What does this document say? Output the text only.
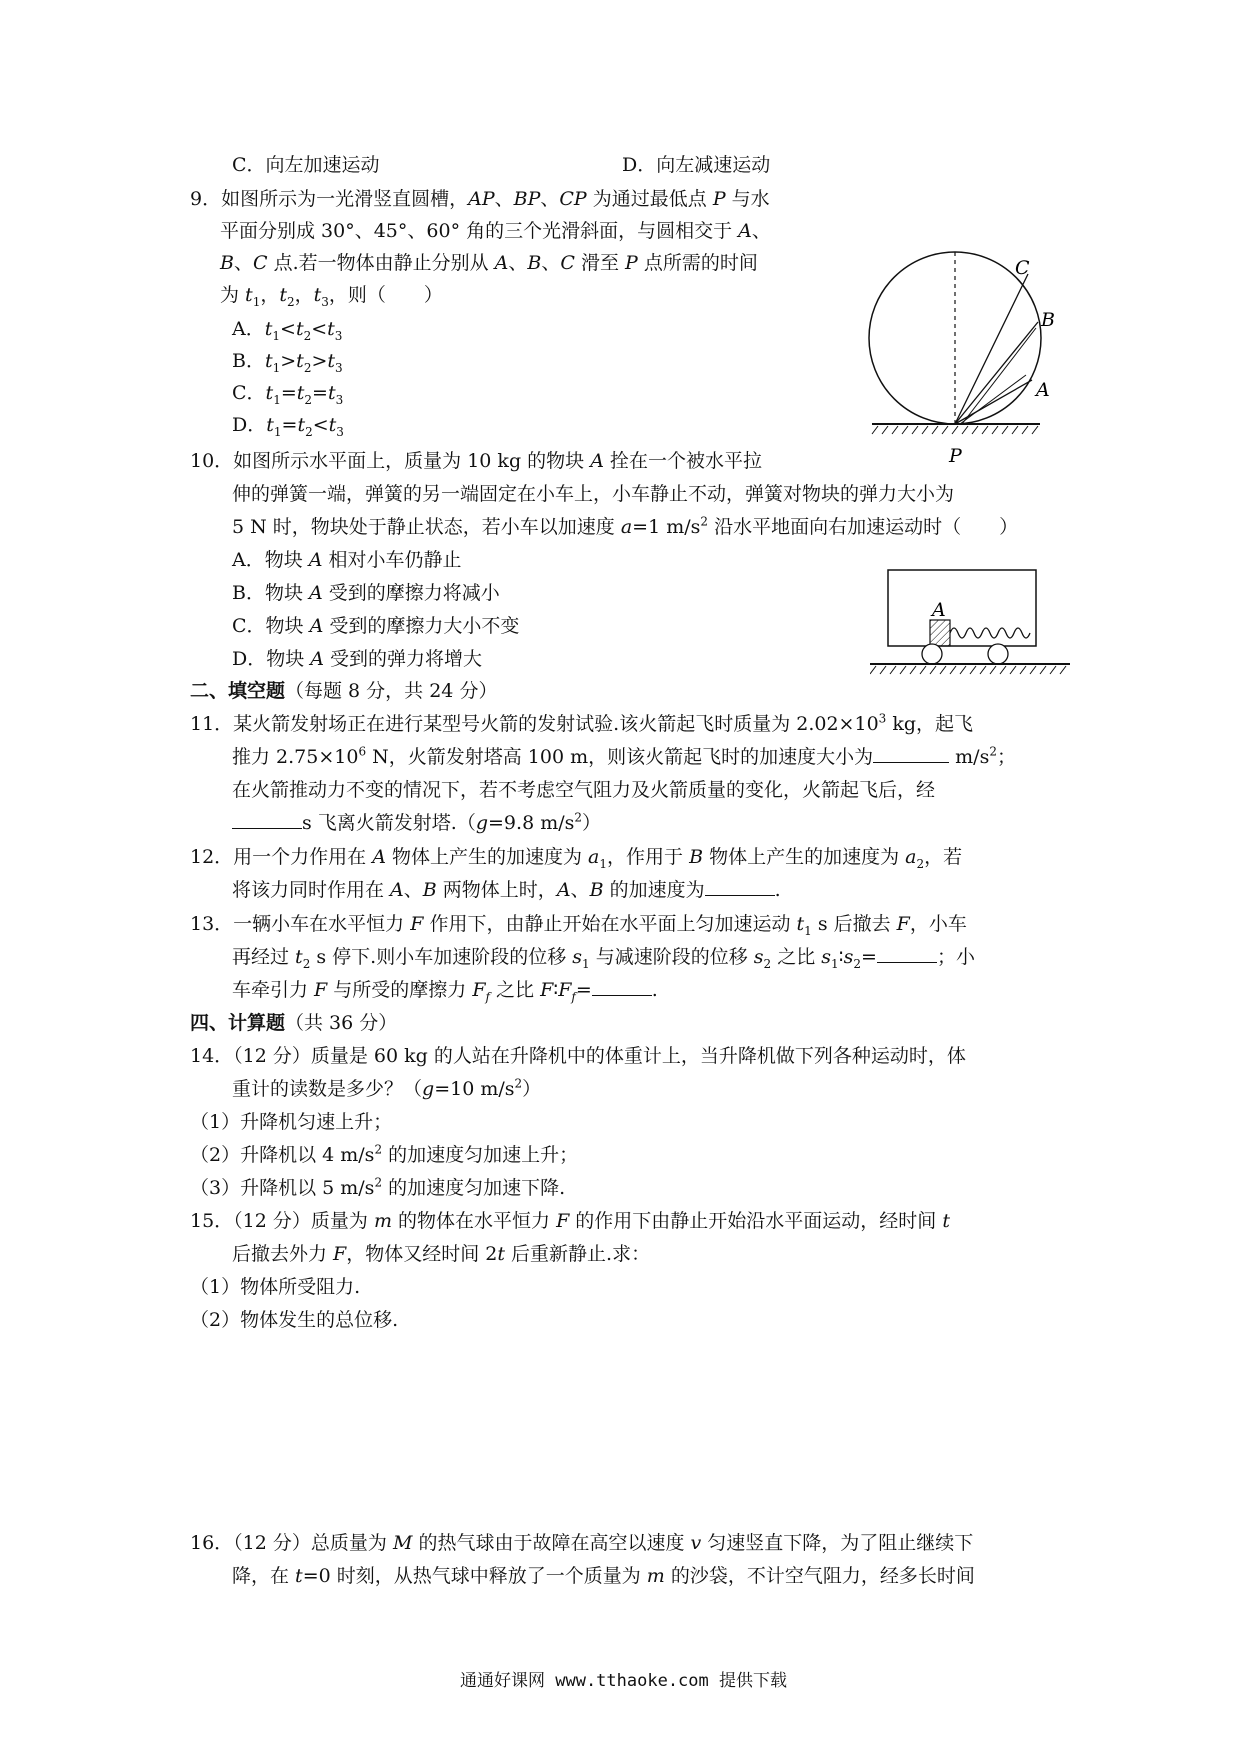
C．向左加速运动	D．向左减速运动
9．如图所示为一光滑竖直圆槽，AP、BP、CP 为通过最低点 P 与水
平面分别成 30°、45°、60° 角的三个光滑斜面，与圆相交于 A、
B、C 点.若一物体由静止分别从 A、B、C 滑至 P 点所需的时间
为 $t_1$，$t_2$，$t_3$，则（　　）
A．$t_1<t_2<t_3$
B．$t_1>t_2>t_3$
C．$t_1=t_2=t_3$
D．$t_1=t_2<t_3$
C
B
A
P
10．如图所示水平面上，质量为 10 kg 的物块 A 拴在一个被水平拉
伸的弹簧一端，弹簧的另一端固定在小车上，小车静止不动，弹簧对物块的弹力大小为
5 N 时，物块处于静止状态，若小车以加速度 a=1 $m/s^2$ 沿水平地面向右加速运动时（　　）
A．物块 A 相对小车仍静止
B．物块 A 受到的摩擦力将减小
C．物块 A 受到的摩擦力大小不变
D．物块 A 受到的弹力将增大
A
二、填空题（每题 8 分，共 24 分）
11．某火箭发射场正在进行某型号火箭的发射试验.该火箭起飞时质量为 $2.02\times 10^3$ kg，起飞
推力 $2.75\times 10^6$ N，火箭发射塔高 100 m，则该火箭起飞时的加速度大小为	$m/s^2$；
在火箭推动力不变的情况下，若不考虑空气阻力及火箭质量的变化，火箭起飞后，经
s 飞离火箭发射塔.（g=9.8 $m/s^2$）
12．用一个力作用在 A 物体上产生的加速度为 $a_1$，作用于 B 物体上产生的加速度为 $a_2$，若
将该力同时作用在 A、B 两物体上时，A、B 的加速度为	.
13．一辆小车在水平恒力 F 作用下，由静止开始在水平面上匀加速运动 $t_1$ s 后撤去 F，小车
再经过 $t_2$ s 停下.则小车加速阶段的位移 $s_1$ 与减速阶段的位移 $s_2$ 之比 $s_1∶s_2=$	；小
车牵引力 F 与所受的摩擦力 $F_f$ 之比 $F∶F_f=$	.
四、计算题（共 36 分）
14．（12 分）质量是 60 kg 的人站在升降机中的体重计上，当升降机做下列各种运动时，体
重计的读数是多少？（g=10 $m/s^2$）
（1）升降机匀速上升；
（2）升降机以 4 $m/s^2$ 的加速度匀加速上升；
（3）升降机以 5 $m/s^2$ 的加速度匀加速下降.
15．（12 分）质量为 m 的物体在水平恒力 F 的作用下由静止开始沿水平面运动，经时间 t
后撤去外力 F，物体又经时间 2t 后重新静止.求：
（1）物体所受阻力.
（2）物体发生的总位移.
16．（12 分）总质量为 M 的热气球由于故障在高空以速度 v 匀速竖直下降，为了阻止继续下
降，在 t=0 时刻，从热气球中释放了一个质量为 m 的沙袋，不计空气阻力，经多长时间
通通好课网 www.tthaoke.com 提供下载
